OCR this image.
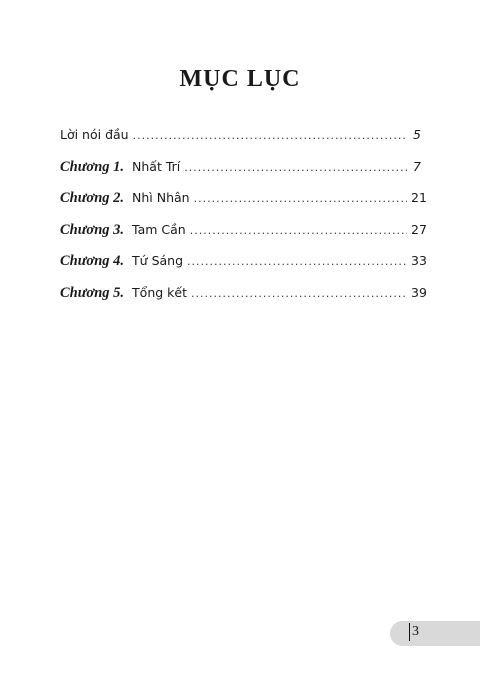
MỤC LỤC
Lời nói đầu .....	5
Chương 1. Nhất Trí .....	7
Chương 2. Nhì Nhân .....	21
Chương 3. Tam Cần .....	27
Chương 4. Tứ Sáng .....	33
Chương 5. Tổng kết .....	39
3
